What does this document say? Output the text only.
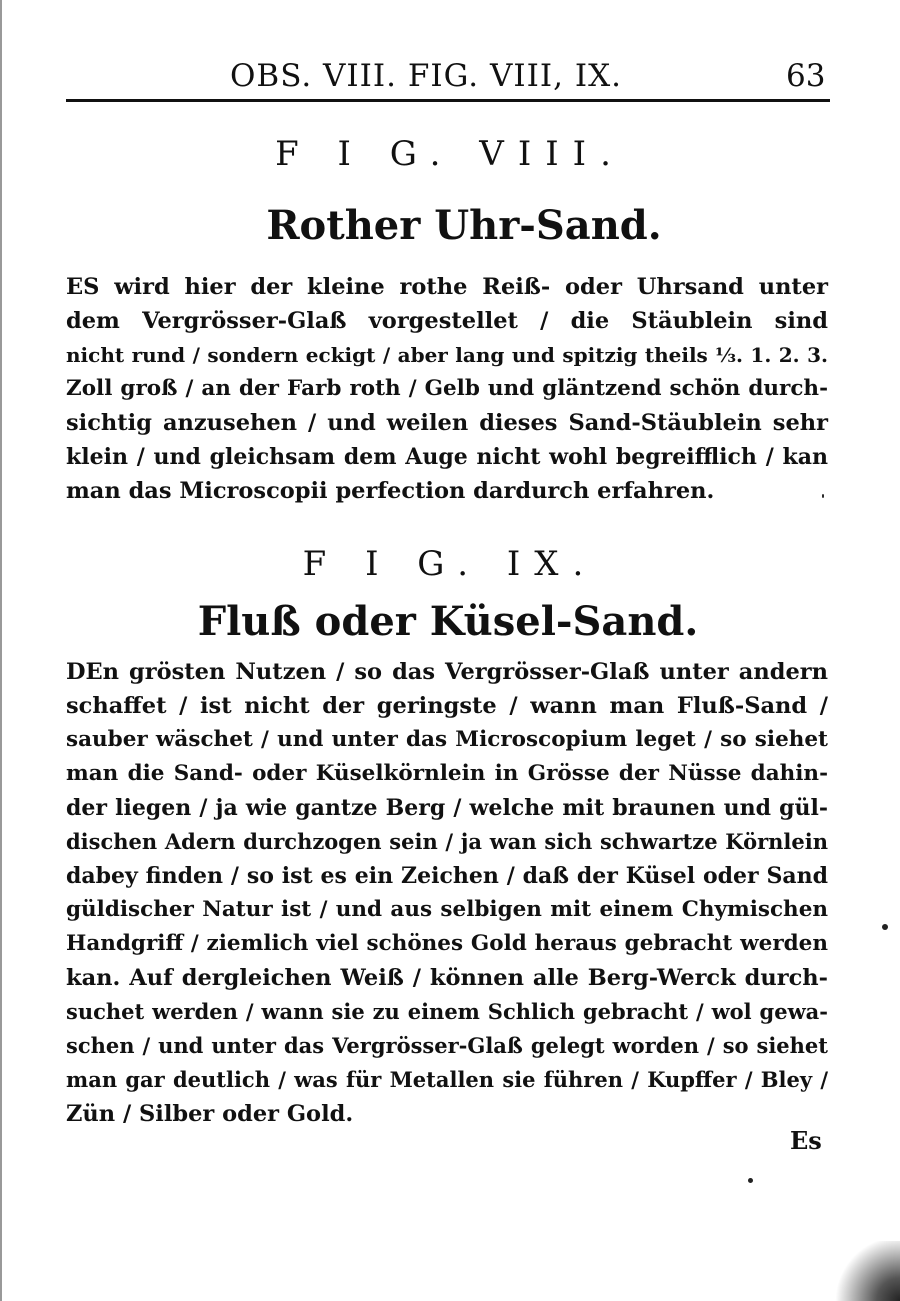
OBS. VIII. FIG. VIII, IX.	63
F I G. VIII.
Rother Uhr-Sand.
ES wird hier der kleine rothe Reiß- oder Uhrsand unter
dem Vergrösser-Glaß vorgestellet / die Stäublein sind
nicht rund / sondern eckigt / aber lang und spitzig theils ⅓. 1. 2. 3.
Zoll groß / an der Farb roth / Gelb und gläntzend schön durch-
sichtig anzusehen / und weilen dieses Sand-Stäublein sehr
klein / und gleichsam dem Auge nicht wohl begreifflich / kan
man das Microscopii perfection dardurch erfahren.
F I G. IX.
Fluß oder Küsel-Sand.
DEn grösten Nutzen / so das Vergrösser-Glaß unter andern
schaffet / ist nicht der geringste / wann man Fluß-Sand /
sauber wäschet / und unter das Microscopium leget / so siehet
man die Sand- oder Küselkörnlein in Grösse der Nüsse dahin-
der liegen / ja wie gantze Berg / welche mit braunen und gül-
dischen Adern durchzogen sein / ja wan sich schwartze Körnlein
dabey finden / so ist es ein Zeichen / daß der Küsel oder Sand
güldischer Natur ist / und aus selbigen mit einem Chymischen
Handgriff / ziemlich viel schönes Gold heraus gebracht werden
kan. Auf dergleichen Weiß / können alle Berg-Werck durch-
suchet werden / wann sie zu einem Schlich gebracht / wol gewa-
schen / und unter das Vergrösser-Glaß gelegt worden / so siehet
man gar deutlich / was für Metallen sie führen / Kupffer / Bley /
Zün / Silber oder Gold.
Es
